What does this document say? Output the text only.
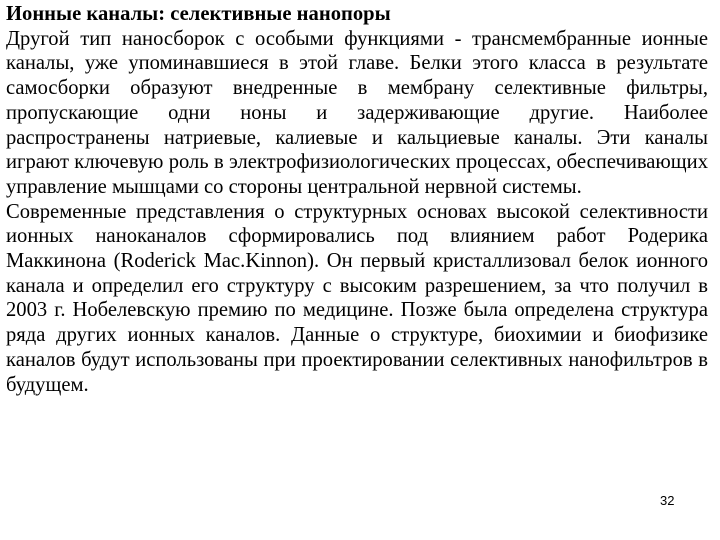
Ионные каналы: селективные нанопоры

Другой тип наносборок с особыми функциями - трансмембранные ионные каналы, уже упоминавшиеся в этой главе. Белки этого класса в результате самосборки образуют внедренные в мембрану селективные фильтры, пропускающие одни ноны и задерживающие другие. Наиболее распространены натриевые, калиевые и кальциевые каналы. Эти каналы играют ключевую роль в электрофизиологических процессах, обеспечивающих управление мышцами со стороны центральной нервной системы.

Современные представления о структурных основах высокой селективности ионных наноканалов сформировались под влиянием работ Родерика Маккинона (Roderick Mac.Kinnon). Он первый кристаллизовал белок ионного канала и определил его структуру с высоким разрешением, за что получил в 2003 г. Нобелевскую премию по медицине. Позже была определена структура ряда других ионных каналов. Данные о структуре, биохимии и биофизике каналов будут использованы при проектировании селективных нанофильтров в будущем.

32
